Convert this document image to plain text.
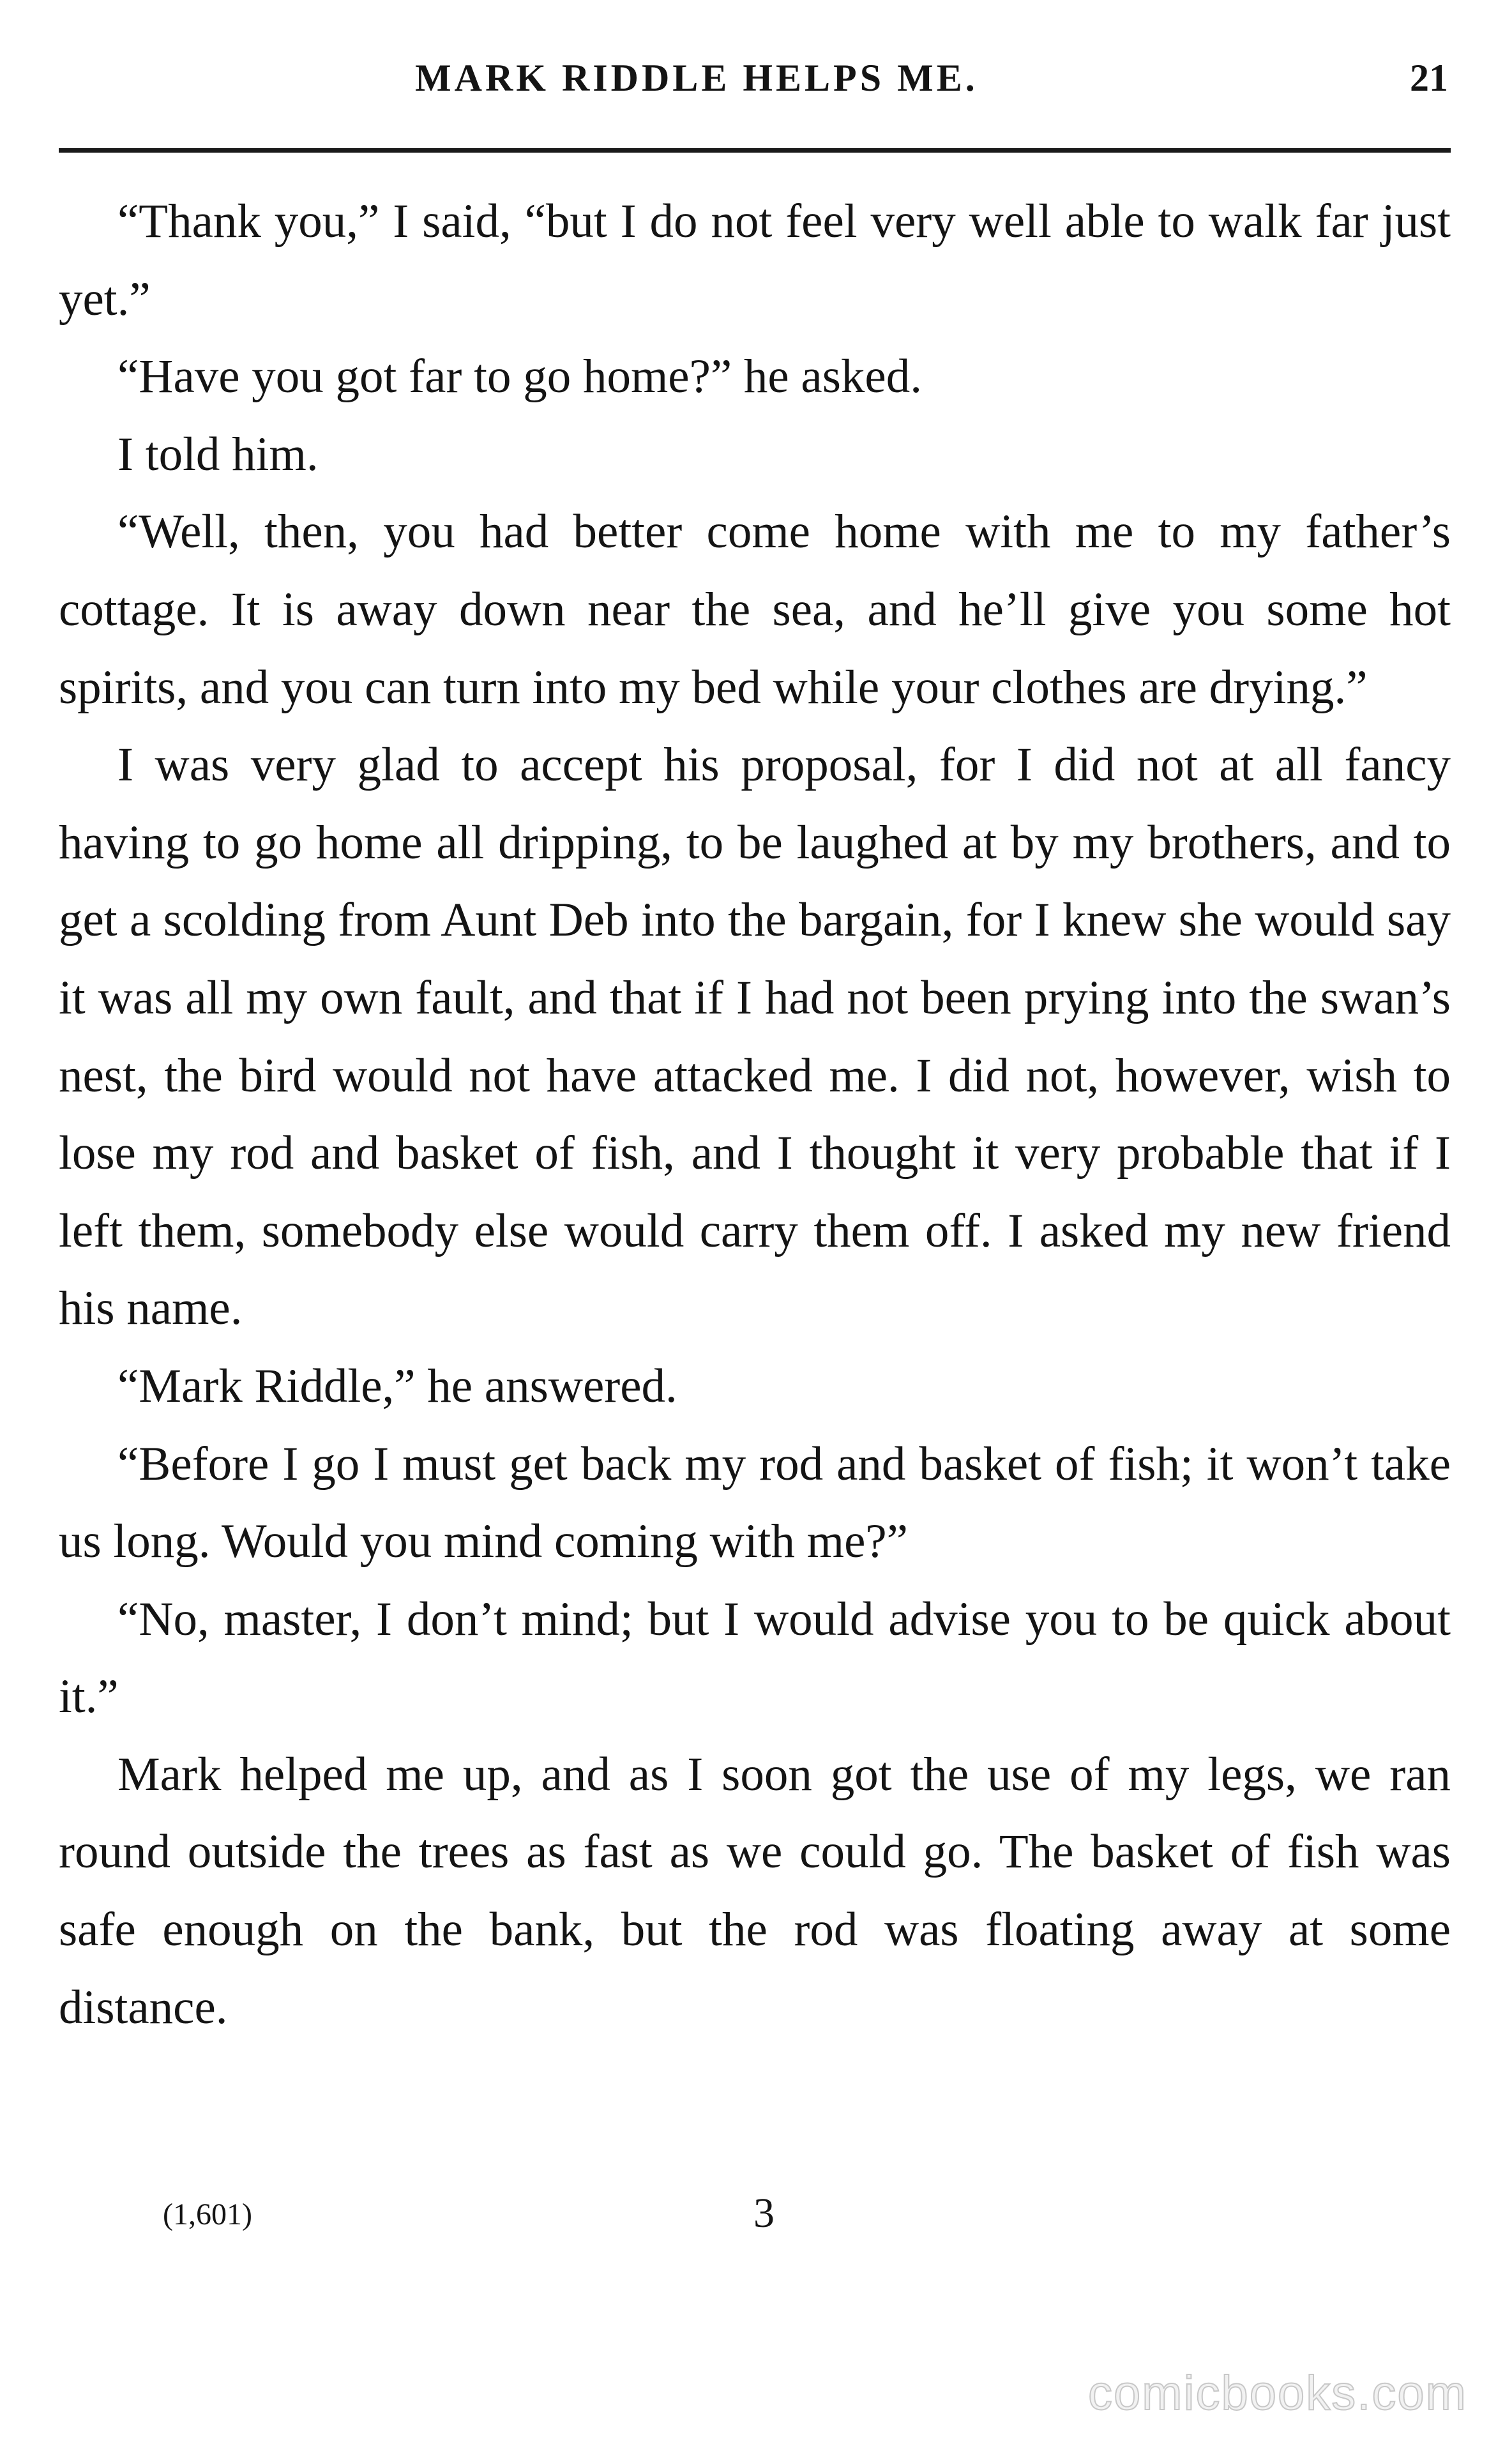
MARK RIDDLE HELPS ME.	21

“Thank you,” I said, “but I do not feel very well able to walk far just yet.”

“Have you got far to go home?” he asked.

I told him.

“Well, then, you had better come home with me to my father’s cottage. It is away down near the sea, and he’ll give you some hot spirits, and you can turn into my bed while your clothes are drying.”

I was very glad to accept his proposal, for I did not at all fancy having to go home all dripping, to be laughed at by my brothers, and to get a scolding from Aunt Deb into the bargain, for I knew she would say it was all my own fault, and that if I had not been prying into the swan’s nest, the bird would not have attacked me. I did not, however, wish to lose my rod and basket of fish, and I thought it very probable that if I left them, somebody else would carry them off. I asked my new friend his name.

“Mark Riddle,” he answered.

“Before I go I must get back my rod and basket of fish; it won’t take us long. Would you mind coming with me?”

“No, master, I don’t mind; but I would advise you to be quick about it.”

Mark helped me up, and as I soon got the use of my legs, we ran round outside the trees as fast as we could go. The basket of fish was safe enough on the bank, but the rod was floating away at some distance.

(1,601)	3
comicbooks.com
